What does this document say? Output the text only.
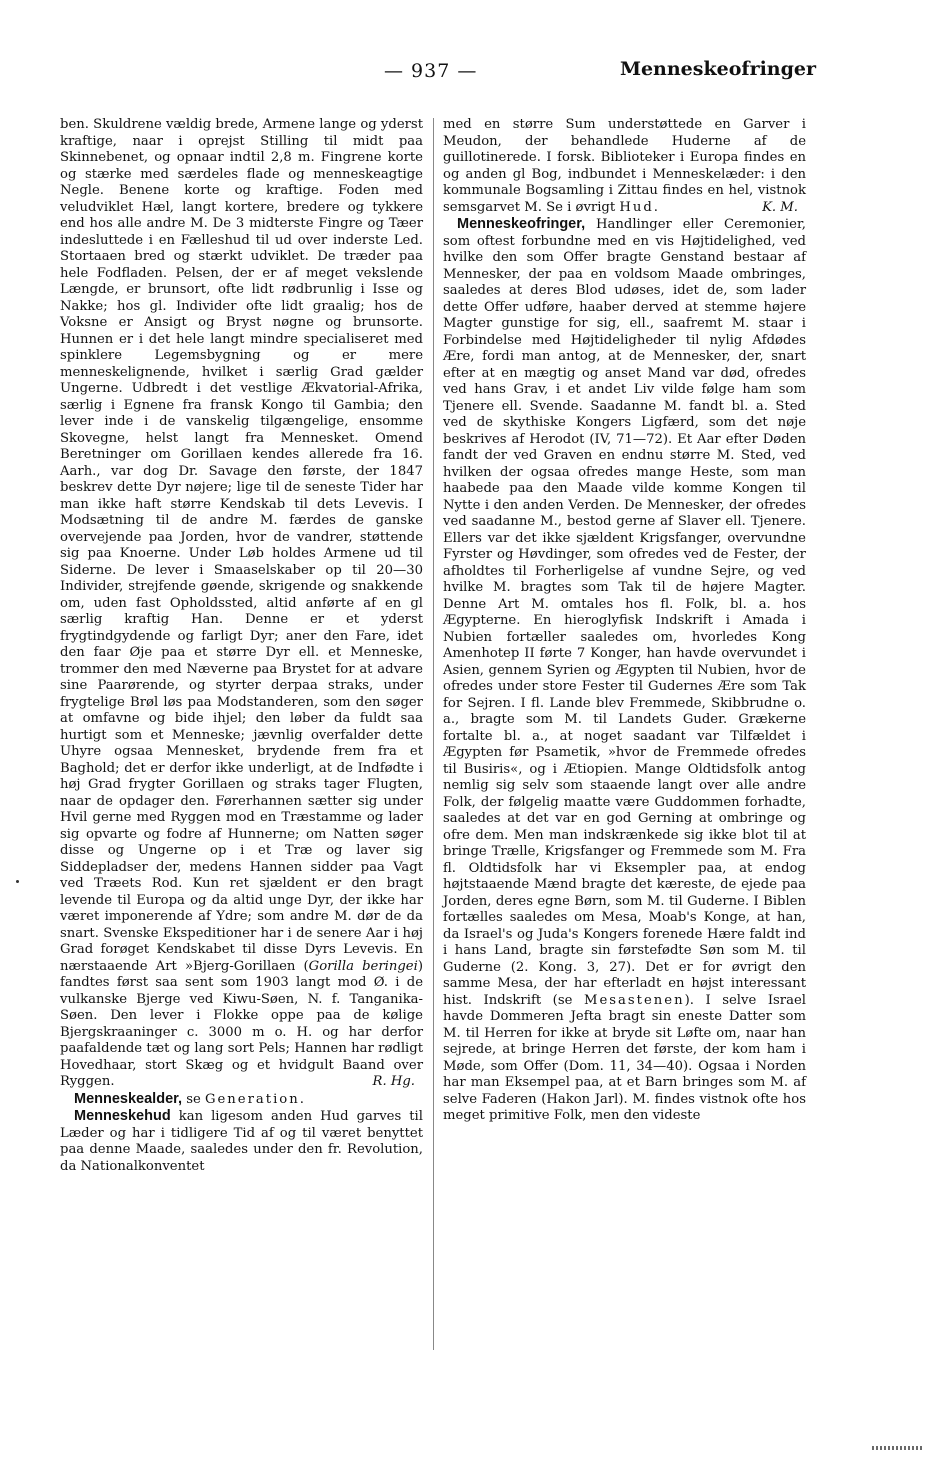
— 937 —	Menneskeofringer

ben. Skuldrene vældig brede, Armene lange og yderst kraftige, naar i oprejst Stilling til midt paa Skinnebenet, og opnaar indtil 2,8 m. Fingrene korte og stærke med særdeles flade og menneskeagtige Negle. Benene korte og kraftige. Foden med veludviklet Hæl, langt kortere, bredere og tykkere end hos alle andre M. De 3 midterste Fingre og Tæer indesluttede i en Fælleshud til ud over inderste Led. Stortaaen bred og stærkt udviklet. De træder paa hele Fodfladen. Pelsen, der er af meget vekslende Længde, er brunsort, ofte lidt rødbrunlig i Isse og Nakke; hos gl. Individer ofte lidt graalig; hos de Voksne er Ansigt og Bryst nøgne og brunsorte. Hunnen er i det hele langt mindre specialiseret med spinklere Legemsbygning og er mere menneskelignende, hvilket i særlig Grad gælder Ungerne. Udbredt i det vestlige Ækvatorial-Afrika, særlig i Egnene fra fransk Kongo til Gambia; den lever inde i de vanskelig tilgængelige, ensomme Skovegne, helst langt fra Mennesket. Omend Beretninger om Gorillaen kendes allerede fra 16. Aarh., var dog Dr. Savage den første, der 1847 beskrev dette Dyr nøjere; lige til de seneste Tider har man ikke haft større Kendskab til dets Levevis. I Modsætning til de andre M. færdes de ganske overvejende paa Jorden, hvor de vandrer, støttende sig paa Knoerne. Under Løb holdes Armene ud til Siderne. De lever i Smaaselskaber op til 20—30 Individer, strejfende gøende, skrigende og snakkende om, uden fast Opholdssted, altid anførte af en gl særlig kraftig Han. Denne er et yderst frygtindgydende og farligt Dyr; aner den Fare, idet den faar Øje paa et større Dyr ell. et Menneske, trommer den med Næverne paa Brystet for at advare sine Paarørende, og styrter derpaa straks, under frygtelige Brøl løs paa Modstanderen, som den søger at omfavne og bide ihjel; den løber da fuldt saa hurtigt som et Menneske; jævnlig overfalder dette Uhyre ogsaa Mennesket, brydende frem fra et Baghold; det er derfor ikke underligt, at de Indfødte i høj Grad frygter Gorillaen og straks tager Flugten, naar de opdager den. Førerhannen sætter sig under Hvil gerne med Ryggen mod en Træstamme og lader sig opvarte og fodre af Hunnerne; om Natten søger disse og Ungerne op i et Træ og laver sig Siddepladser der, medens Hannen sidder paa Vagt ved Træets Rod. Kun ret sjældent er den bragt levende til Europa og da altid unge Dyr, der ikke har været imponerende af Ydre; som andre M. dør de da snart. Svenske Ekspeditioner har i de senere Aar i høj Grad forøget Kendskabet til disse Dyrs Levevis. En nærstaaende Art »Bjerg-Gorillaen (Gorilla beringei) fandtes først saa sent som 1903 langt mod Ø. i de vulkanske Bjerge ved Kiwu-Søen, N. f. Tanganika-Søen. Den lever i Flokke oppe paa de kølige Bjergskraaninger c. 3000 m o. H. og har derfor paafaldende tæt og lang sort Pels; Hannen har rødligt Hovedhaar, stort Skæg og et hvidgult Baand over Ryggen.	R. Hg.

Menneskealder, se Generation.

Menneskehud kan ligesom anden Hud garves til Læder og har i tidligere Tid af og til været benyttet paa denne Maade, saaledes under den fr. Revolution, da Nationalkonventet

med en større Sum understøttede en Garver i Meudon, der behandlede Huderne af de guillotinerede. I forsk. Biblioteker i Europa findes en og anden gl Bog, indbundet i Menneskelæder: i den kommunale Bogsamling i Zittau findes en hel, vistnok semsgarvet M. Se i øvrigt Hud.	K. M.

Menneskeofringer, Handlinger eller Ceremonier, som oftest forbundne med en vis Højtidelighed, ved hvilke den som Offer bragte Genstand bestaar af Mennesker, der paa en voldsom Maade ombringes, saaledes at deres Blod udøses, idet de, som lader dette Offer udføre, haaber derved at stemme højere Magter gunstige for sig, ell., saafremt M. staar i Forbindelse med Højtideligheder til nylig Afdødes Ære, fordi man antog, at de Mennesker, der, snart efter at en mægtig og anset Mand var død, ofredes ved hans Grav, i et andet Liv vilde følge ham som Tjenere ell. Svende. Saadanne M. fandt bl. a. Sted ved de skythiske Kongers Ligfærd, som det nøje beskrives af Herodot (IV, 71—72). Et Aar efter Døden fandt der ved Graven en endnu større M. Sted, ved hvilken der ogsaa ofredes mange Heste, som man haabede paa den Maade vilde komme Kongen til Nytte i den anden Verden. De Mennesker, der ofredes ved saadanne M., bestod gerne af Slaver ell. Tjenere. Ellers var det ikke sjældent Krigsfanger, overvundne Fyrster og Høvdinger, som ofredes ved de Fester, der afholdtes til Forherligelse af vundne Sejre, og ved hvilke M. bragtes som Tak til de højere Magter. Denne Art M. omtales hos fl. Folk, bl. a. hos Ægypterne. En hieroglyfisk Indskrift i Amada i Nubien fortæller saaledes om, hvorledes Kong Amenhotep II førte 7 Konger, han havde overvundet i Asien, gennem Syrien og Ægypten til Nubien, hvor de ofredes under store Fester til Gudernes Ære som Tak for Sejren. I fl. Lande blev Fremmede, Skibbrudne o. a., bragte som M. til Landets Guder. Grækerne fortalte bl. a., at noget saadant var Tilfældet i Ægypten før Psametik, »hvor de Fremmede ofredes til Busiris«, og i Ætiopien. Mange Oldtidsfolk antog nemlig sig selv som staaende langt over alle andre Folk, der følgelig maatte være Guddommen forhadte, saaledes at det var en god Gerning at ombringe og ofre dem. Men man indskrænkede sig ikke blot til at bringe Trælle, Krigsfanger og Fremmede som M. Fra fl. Oldtidsfolk har vi Eksempler paa, at endog højtstaaende Mænd bragte det kæreste, de ejede paa Jorden, deres egne Børn, som M. til Guderne. I Biblen fortælles saaledes om Mesa, Moab's Konge, at han, da Israel's og Juda's Kongers forenede Hære faldt ind i hans Land, bragte sin førstefødte Søn som M. til Guderne (2. Kong. 3, 27). Det er for øvrigt den samme Mesa, der har efterladt en højst interessant hist. Indskrift (se Mesastenen). I selve Israel havde Dommeren Jefta bragt sin eneste Datter som M. til Herren for ikke at bryde sit Løfte om, naar han sejrede, at bringe Herren det første, der kom ham i Møde, som Offer (Dom. 11, 34—40). Ogsaa i Norden har man Eksempel paa, at et Barn bringes som M. af selve Faderen (Hakon Jarl). M. findes vistnok ofte hos meget primitive Folk, men den videste
